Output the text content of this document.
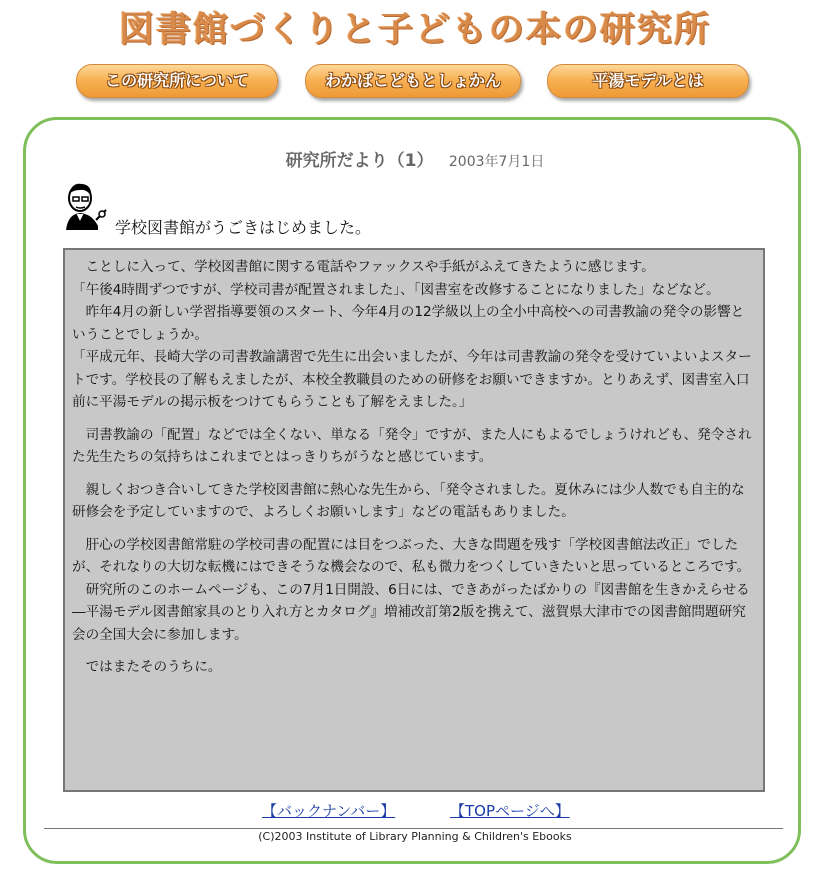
図書館づくりと子どもの本の研究所
この研究所について	わかばこどもとしょかん	平湯モデルとは
研究所だより（1） 2003年7月1日
学校図書館がうごきはじめました。

　ことしに入って、学校図書館に関する電話やファックスや手紙がふえてきたように感じます。
「午後4時間ずつですが、学校司書が配置されました」、「図書室を改修することになりました」などなど。
　昨年4月の新しい学習指導要領のスタート、今年4月の12学級以上の全小中高校への司書教諭の発令の影響ということでしょうか。
「平成元年、長崎大学の司書教諭講習で先生に出会いましたが、今年は司書教諭の発令を受けていよいよスタートです。学校長の了解もえましたが、本校全教職員のための研修をお願いできますか。とりあえず、図書室入口前に平湯モデルの掲示板をつけてもらうことも了解をえました。」

　司書教諭の「配置」などでは全くない、単なる「発令」ですが、また人にもよるでしょうけれども、発令された先生たちの気持ちはこれまでとはっきりちがうなと感じています。

　親しくおつき合いしてきた学校図書館に熱心な先生から、「発令されました。夏休みには少人数でも自主的な研修会を予定していますので、よろしくお願いします」などの電話もありました。

　肝心の学校図書館常駐の学校司書の配置には目をつぶった、大きな問題を残す「学校図書館法改正」でしたが、それなりの大切な転機にはできそうな機会なので、私も微力をつくしていきたいと思っているところです。
　研究所のこのホームページも、この7月1日開設、6日には、できあがったばかりの『図書館を生きかえらせる―平湯モデル図書館家具のとり入れ方とカタログ』増補改訂第2版を携えて、滋賀県大津市での図書館問題研究会の全国大会に参加します。

　ではまたそのうちに。

【バックナンバー】	【TOPページへ】
(C)2003 Institute of Library Planning & Children's Ebooks
